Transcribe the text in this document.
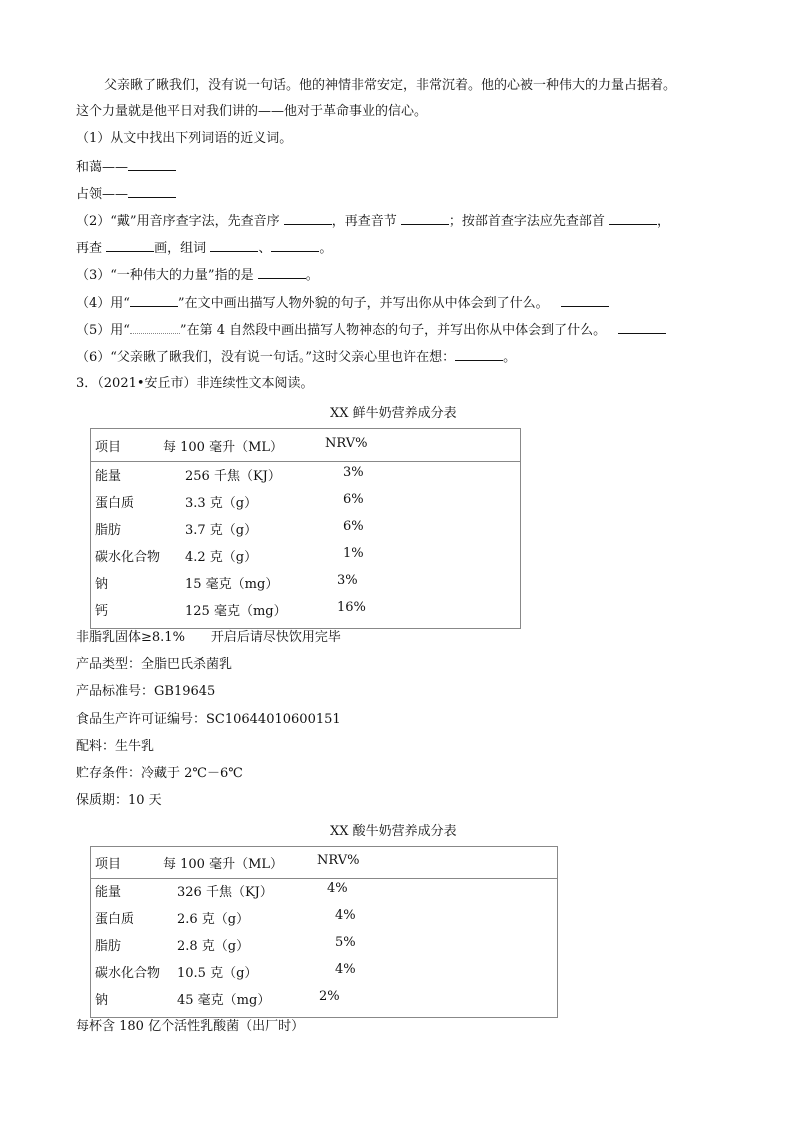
父亲瞅了瞅我们，没有说一句话。他的神情非常安定，非常沉着。他的心被一种伟大的力量占据着。
这个力量就是他平日对我们讲的——他对于革命事业的信心。
（1）从文中找出下列词语的近义词。
和蔼——
占领——
（2）“戴”用音序查字法，先查音序	，再查音节	；按部首查字法应先查部首	，
再查	画，组词	、	。
（3）“一种伟大的力量”指的是	。
（4）用“	”在文中画出描写人物外貌的句子，并写出你从中体会到了什么。
（5）用“	”在第 4 自然段中画出描写人物神态的句子，并写出你从中体会到了什么。
（6）“父亲瞅了瞅我们，没有说一句话。”这时父亲心里也许在想：	。
3．（2021•安丘市）非连续性文本阅读。
XX 鲜牛奶营养成分表
项目	每 100 毫升（ML）	NRV%
能量	256 千焦（KJ）	3%
蛋白质	3.3 克（g）	6%
脂肪	3.7 克（g）	6%
碳水化合物 4.2 克（g）	1%
钠	15 毫克（mg）	3%
钙	125 毫克（mg）	16%
非脂乳固体≥8.1%　　开启后请尽快饮用完毕
产品类型：全脂巴氏杀菌乳
产品标准号：GB19645
食品生产许可证编号：SC10644010600151
配料：生牛乳
贮存条件：冷藏于 2℃－6℃
保质期：10 天
XX 酸牛奶营养成分表
项目	每 100 毫升（ML）	NRV%
能量	326 千焦（KJ）	4%
蛋白质	2.6 克（g）	4%
脂肪	2.8 克（g）	5%
碳水化合物 10.5 克（g）	4%
钠	45 毫克（mg）	2%
每杯含 180 亿个活性乳酸菌（出厂时）
